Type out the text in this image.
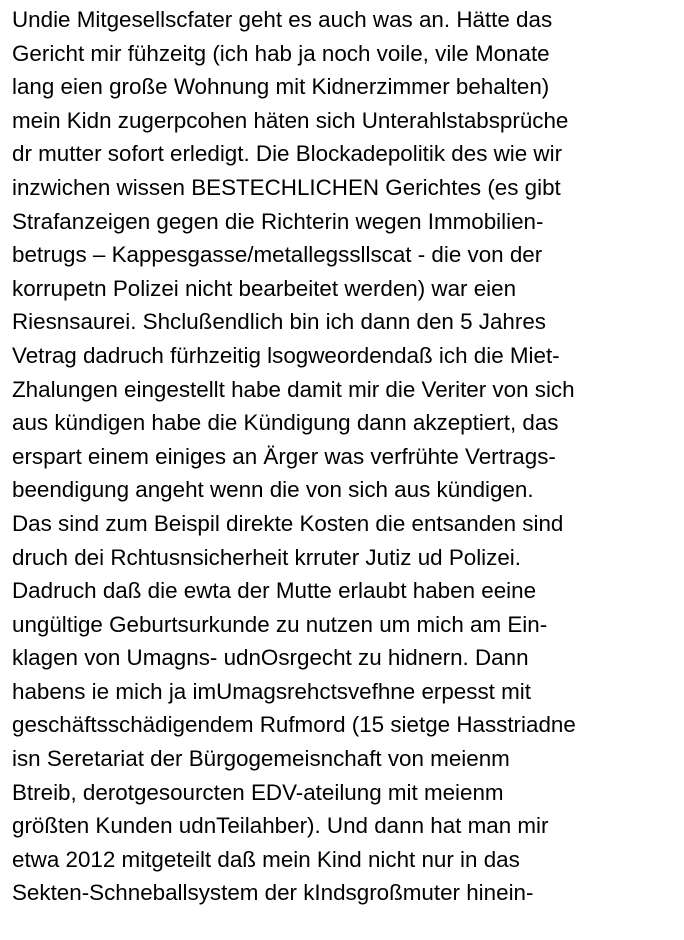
Undie Mitgesellscfater geht es auch was an. Hätte das
Gericht mir fühzeitg (ich hab ja noch voile, vile Monate
lang eien große Wohnung mit Kidnerzimmer behalten)
mein Kidn zugerpcohen häten sich Unterahlstabsprüche
dr mutter sofort erledigt. Die Blockadepolitik des wie wir
inzwichen wissen BESTECHLICHEN Gerichtes (es gibt
Strafanzeigen gegen die Richterin wegen Immobilien-
betrugs – Kappesgasse/metallegssllscat - die von der
korrupetn Polizei nicht bearbeitet werden) war eien
Riesnsaurei. Shclußendlich bin ich dann den 5 Jahres
Vetrag dadruch fürhzeitig lsogweordendaß ich die Miet-
Zhalungen eingestellt habe damit mir die Veriter von sich
aus kündigen habe die Kündigung dann akzeptiert, das
erspart einem einiges an Ärger was verfrühte Vertrags-
beendigung angeht wenn die von sich aus kündigen.
Das sind zum Beispil direkte Kosten die entsanden sind
druch dei Rchtusnsicherheit krruter Jutiz ud Polizei.
Dadruch daß die ewta der Mutte erlaubt haben eeine
ungültige Geburtsurkunde zu nutzen um mich am Ein-
klagen von Umagns- udnOsrgecht zu hidnern. Dann
habens ie mich ja imUmagsrehctsvefhne erpesst mit
geschäftsschädigendem Rufmord (15 sietge Hasstriadne
isn Seretariat der Bürgogemeisnchaft von meienm
Btreib, derotgesourcten EDV-ateilung mit meienm
größten Kunden udnTeilahber). Und dann hat man mir
etwa 2012 mitgeteilt daß mein Kind nicht nur in das
Sekten-Schneballsystem der kIndsgroßmuter hinein-
